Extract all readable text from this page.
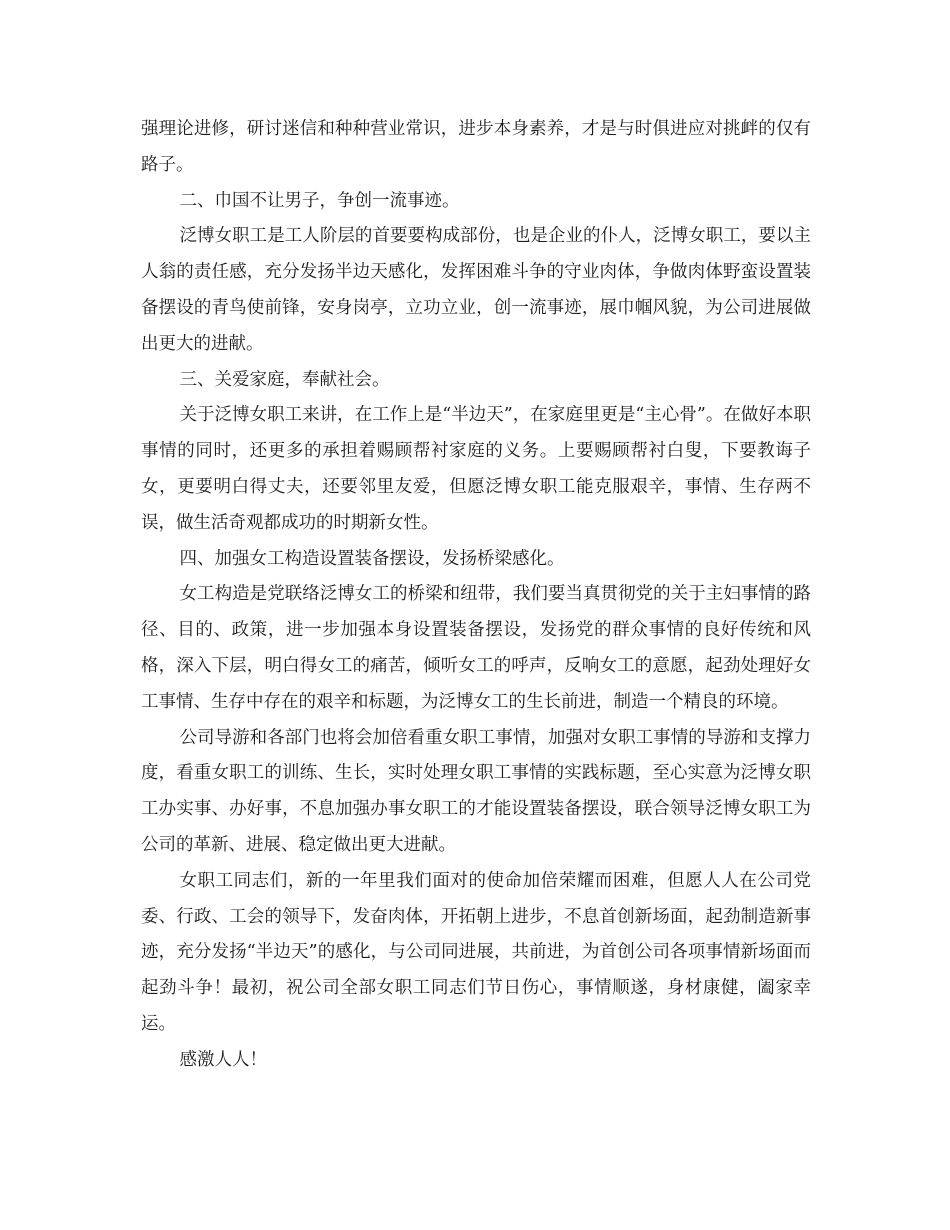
强理论进修，研讨迷信和种种营业常识，进步本身素养，才是与时俱进应对挑衅的仅有路子。

二、巾国不让男子，争创一流事迹。

泛博女职工是工人阶层的首要要构成部份，也是企业的仆人，泛博女职工，要以主人翁的责任感，充分发扬半边天感化，发挥困难斗争的守业肉体，争做肉体野蛮设置装备摆设的青鸟使前锋，安身岗亭，立功立业，创一流事迹，展巾帼风貌，为公司进展做出更大的进献。

三、关爱家庭，奉献社会。

关于泛博女职工来讲，在工作上是“半边天”，在家庭里更是“主心骨”。在做好本职事情的同时，还更多的承担着赐顾帮衬家庭的义务。上要赐顾帮衬白叟，下要教诲子女，更要明白得丈夫，还要邻里友爱，但愿泛博女职工能克服艰辛，事情、生存两不误，做生活奇观都成功的时期新女性。

四、加强女工构造设置装备摆设，发扬桥梁感化。

女工构造是党联络泛博女工的桥梁和纽带，我们要当真贯彻党的关于主妇事情的路径、目的、政策，进一步加强本身设置装备摆设，发扬党的群众事情的良好传统和风格，深入下层，明白得女工的痛苦，倾听女工的呼声，反响女工的意愿，起劲处理好女工事情、生存中存在的艰辛和标题，为泛博女工的生长前进，制造一个精良的环境。

公司导游和各部门也将会加倍看重女职工事情，加强对女职工事情的导游和支撑力度，看重女职工的训练、生长，实时处理女职工事情的实践标题，至心实意为泛博女职工办实事、办好事，不息加强办事女职工的才能设置装备摆设，联合领导泛博女职工为公司的革新、进展、稳定做出更大进献。

女职工同志们，新的一年里我们面对的使命加倍荣耀而困难，但愿人人在公司党委、行政、工会的领导下，发奋肉体，开拓朝上进步，不息首创新场面，起劲制造新事迹，充分发扬“半边天”的感化，与公司同进展，共前进，为首创公司各项事情新场面而起劲斗争！最初，祝公司全部女职工同志们节日伤心，事情顺遂，身材康健，阖家幸运。

感激人人！
